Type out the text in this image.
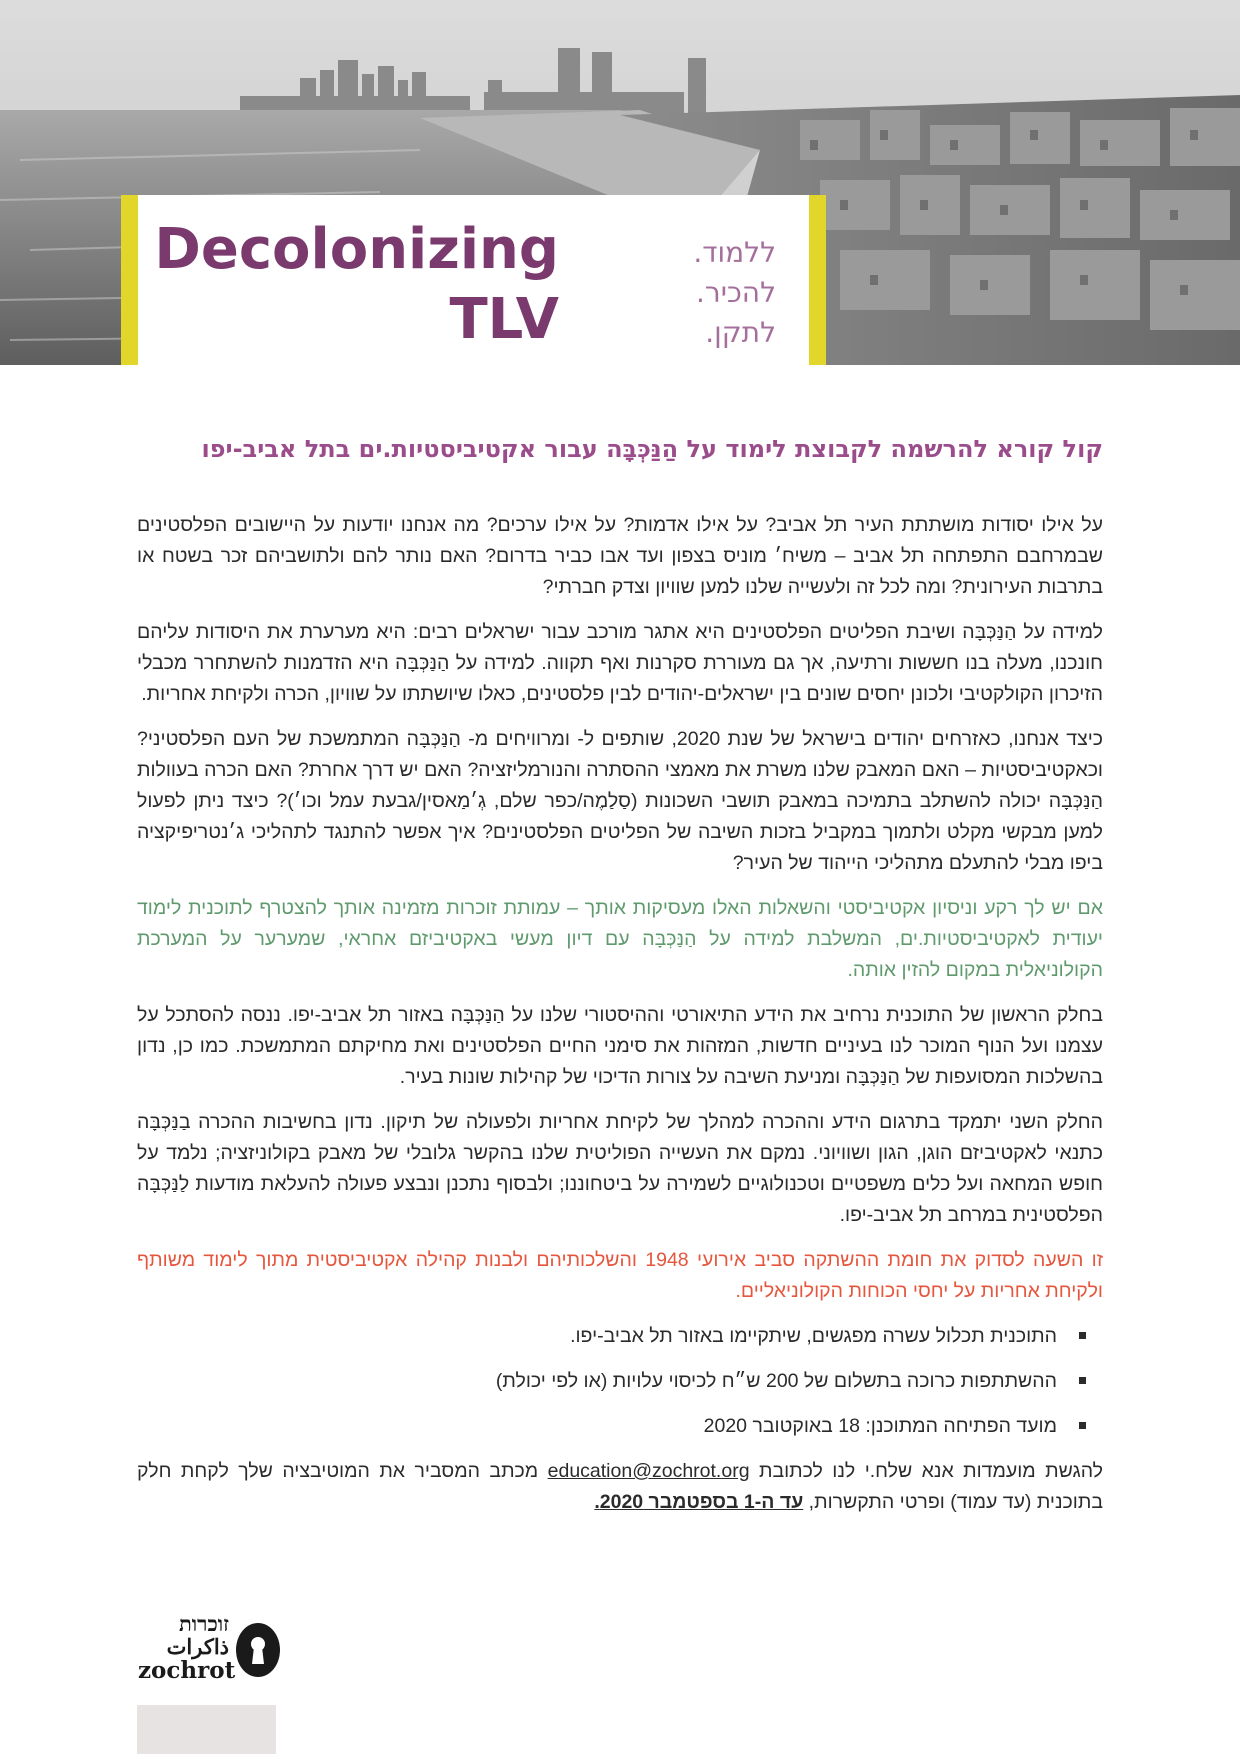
Decolonizing
TLV
ללמוד.
להכיר.
לתקן.
קול קורא להרשמה לקבוצת לימוד על הַנַּכְּבָּה עבור אקטיביסטיות.ים בתל אביב-יפו

על אילו יסודות מושתתת העיר תל אביב? על אילו אדמות? על אילו ערכים? מה אנחנו יודעות על היישובים הפלסטינים שבמרחבם התפתחה תל אביב – משיח׳ מוניס בצפון ועד אבו כביר בדרום? האם נותר להם ולתושביהם זכר בשטח או בתרבות העירונית? ומה לכל זה ולעשייה שלנו למען שוויון וצדק חברתי?

למידה על הַנַּכְּבָּה ושיבת הפליטים הפלסטינים היא אתגר מורכב עבור ישראלים רבים: היא מערערת את היסודות עליהם חונכנו, מעלה בנו חששות ורתיעה, אך גם מעוררת סקרנות ואף תקווה. למידה על הַנַּכְּבָּה היא הזדמנות להשתחרר מכבלי הזיכרון הקולקטיבי ולכונן יחסים שונים בין ישראלים-יהודים לבין פלסטינים, כאלו שיושתתו על שוויון, הכרה ולקיחת אחריות.

כיצד אנחנו, כאזרחים יהודים בישראל של שנת 2020, שותפים ל- ומרוויחים מ- הַנַּכְּבָּה המתמשכת של העם הפלסטיני? וכאקטיביסטיות – האם המאבק שלנו משרת את מאמצי ההסתרה והנורמליזציה? האם יש דרך אחרת? האם הכרה בעוולות הַנַּכְּבָּה יכולה להשתלב בתמיכה במאבק תושבי השכונות (סַלַמֶה/כפר שלם, גְ׳מַאסין/גבעת עמל וכו׳)? כיצד ניתן לפעול למען מבקשי מקלט ולתמוך במקביל בזכות השיבה של הפליטים הפלסטינים? איך אפשר להתנגד לתהליכי ג׳נטריפיקציה ביפו מבלי להתעלם מתהליכי הייהוד של העיר?

אם יש לך רקע וניסיון אקטיביסטי והשאלות האלו מעסיקות אותך – עמותת זוכרות מזמינה אותך להצטרף לתוכנית לימוד יעודית לאקטיביסטיות.ים, המשלבת למידה על הַנַּכְּבָּה עם דיון מעשי באקטיביזם אחראי, שמערער על המערכת הקולוניאלית במקום להזין אותה.

בחלק הראשון של התוכנית נרחיב את הידע התיאורטי וההיסטורי שלנו על הַנַּכְּבָּה באזור תל אביב-יפו. ננסה להסתכל על עצמנו ועל הנוף המוכר לנו בעיניים חדשות, המזהות את סימני החיים הפלסטינים ואת מחיקתם המתמשכת. כמו כן, נדון בהשלכות המסועפות של הַנַּכְּבָּה ומניעת השיבה על צורות הדיכוי של קהילות שונות בעיר.

החלק השני יתמקד בתרגום הידע וההכרה למהלך של לקיחת אחריות ולפעולה של תיקון. נדון בחשיבות ההכרה בַנַּכְּבָּה כתנאי לאקטיביזם הוגן, הגון ושוויוני. נמקם את העשייה הפוליטית שלנו בהקשר גלובלי של מאבק בקולוניזציה; נלמד על חופש המחאה ועל כלים משפטיים וטכנולוגיים לשמירה על ביטחוננו; ולבסוף נתכנן ונבצע פעולה להעלאת מודעות לַנַּכְּבָּה הפלסטינית במרחב תל אביב-יפו.

זו השעה לסדוק את חומת ההשתקה סביב אירועי 1948 והשלכותיהם ולבנות קהילה אקטיביסטית מתוך לימוד משותף ולקיחת אחריות על יחסי הכוחות הקולוניאליים.

התוכנית תכלול עשרה מפגשים, שיתקיימו באזור תל אביב-יפו.
ההשתתפות כרוכה בתשלום של 200 ש״ח לכיסוי עלויות (או לפי יכולת)
מועד הפתיחה המתוכנן: 18 באוקטובר 2020

להגשת מועמדות אנא שלח.י לנו לכתובת education@zochrot.org מכתב המסביר את המוטיבציה שלך לקחת חלק בתוכנית (עד עמוד) ופרטי התקשרות, עד ה-1 בספטמבר 2020.

זוכרות
ذاكرات
zochrot
